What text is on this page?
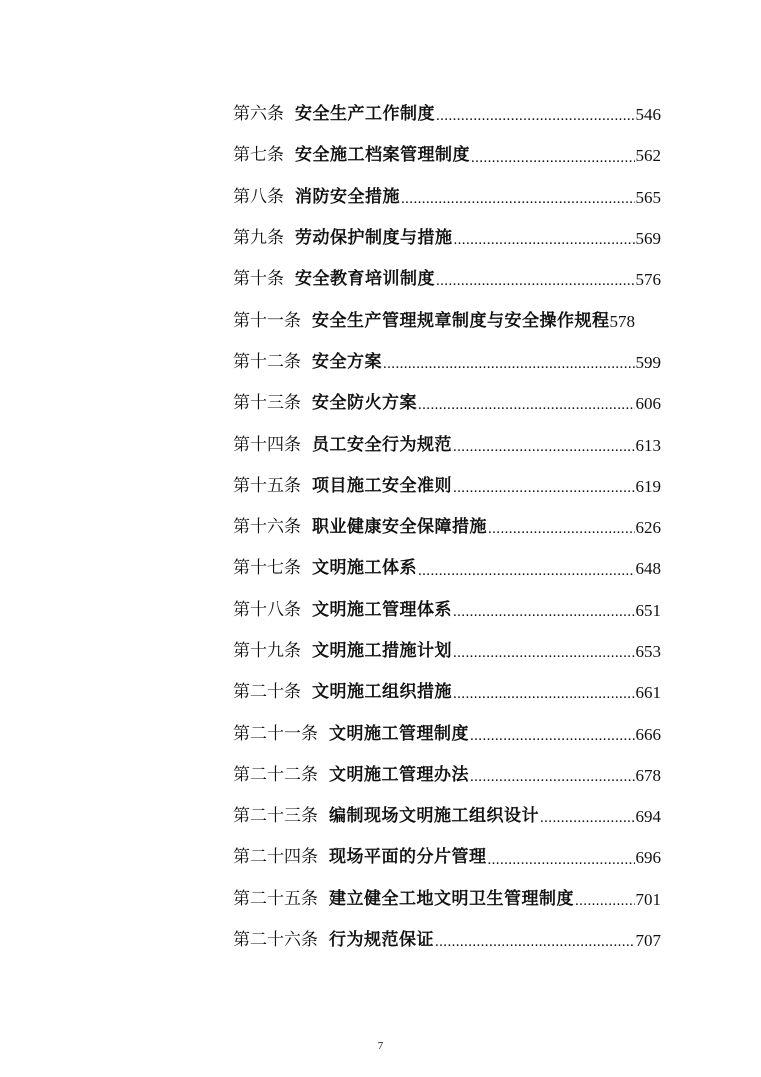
第六条 安全生产工作制度 .....	546
第七条 安全施工档案管理制度 .....	562
第八条 消防安全措施 .....	565
第九条 劳动保护制度与措施 .....	569
第十条 安全教育培训制度 .....	576
第十一条 安全生产管理规章制度与安全操作规程 578
第十二条 安全方案 .....	599
第十三条 安全防火方案 .....	606
第十四条 员工安全行为规范 .....	613
第十五条 项目施工安全准则 .....	619
第十六条 职业健康安全保障措施 .....	626
第十七条 文明施工体系 .....	648
第十八条 文明施工管理体系 .....	651
第十九条 文明施工措施计划 .....	653
第二十条 文明施工组织措施 .....	661
第二十一条 文明施工管理制度 .....	666
第二十二条 文明施工管理办法 .....	678
第二十三条 编制现场文明施工组织设计 .....	694
第二十四条 现场平面的分片管理 .....	696
第二十五条 建立健全工地文明卫生管理制度 .....	701
第二十六条 行为规范保证 .....	707
7
